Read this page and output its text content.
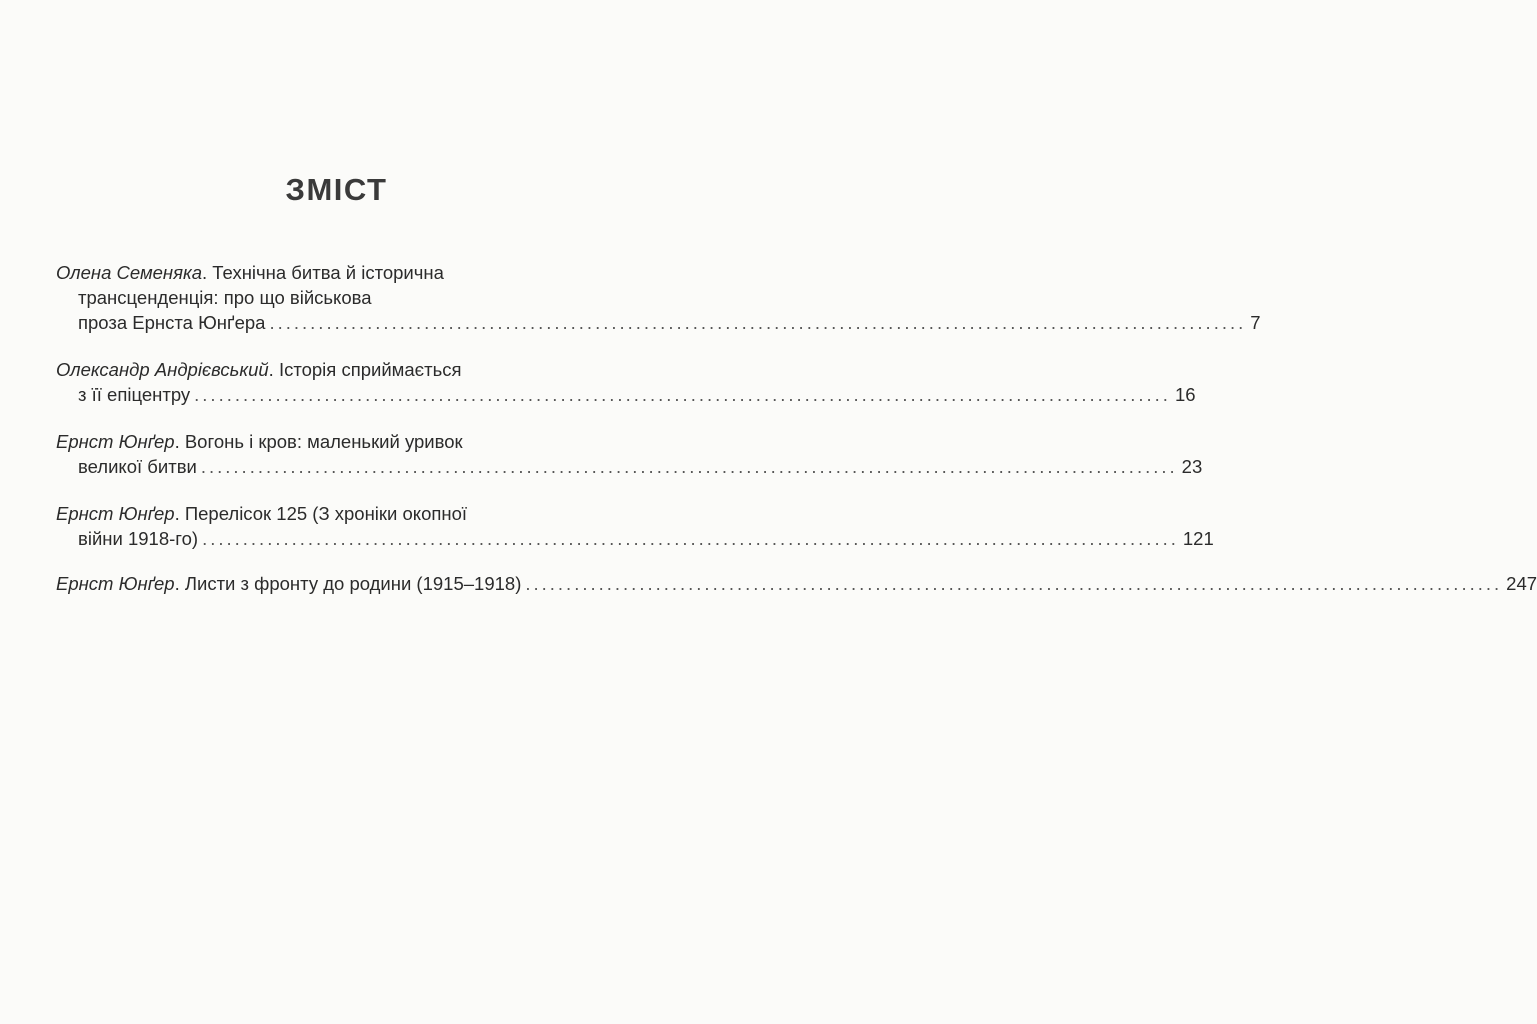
ЗМІСТ
Олена Семеняка. Технічна битва й історична
трансценденція: про що військова
проза Ернста Юнґера ........................................................................................................................ 7
Олександр Андрієвський. Історія сприймається
з її епіцентру ........................................................................................................................ 16
Ернст Юнґер. Вогонь і кров: маленький уривок
великої битви ........................................................................................................................ 23
Ернст Юнґер. Перелісок 125 (З хроніки окопної
війни 1918-го) ........................................................................................................................ 121
Ернст Юнґер. Листи з фронту до родини (1915–1918) ........................................................................................................................ 247
